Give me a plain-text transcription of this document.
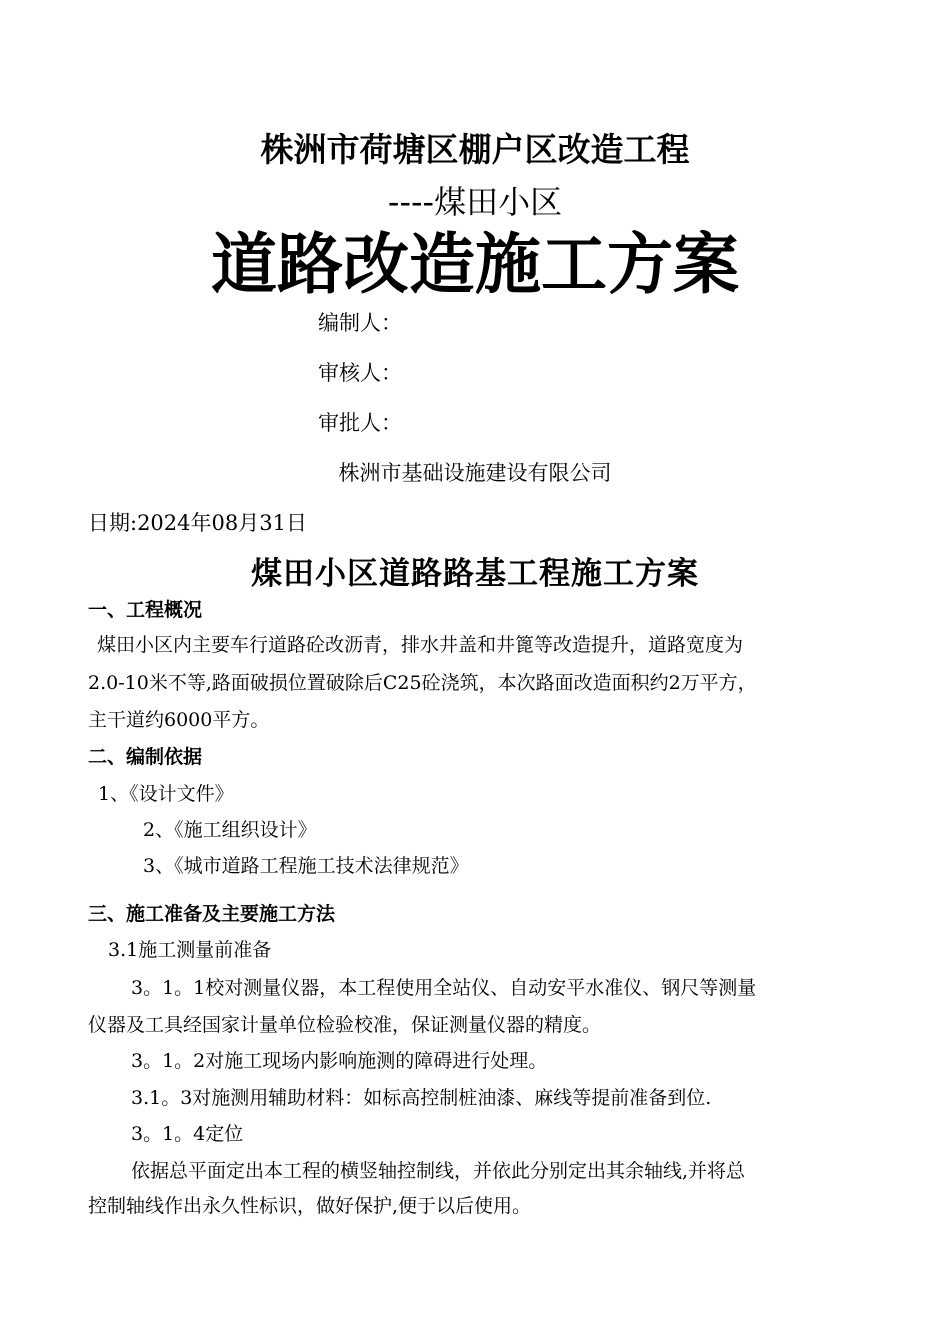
株洲市荷塘区棚户区改造工程
----煤田小区
道路改造施工方案
编制人：
审核人：
审批人：
株洲市基础设施建设有限公司
日期:2024年08月31日
煤田小区道路路基工程施工方案
一、工程概况
煤田小区内主要车行道路砼改沥青，排水井盖和井篦等改造提升，道路宽度为
2.0-10米不等,路面破损位置破除后C25砼浇筑，本次路面改造面积约2万平方，
主干道约6000平方。
二、编制依据
1、《设计文件》
2、《施工组织设计》
3、《城市道路工程施工技术法律规范》
三、施工准备及主要施工方法
3.1施工测量前准备
3。1。1校对测量仪器，本工程使用全站仪、自动安平水准仪、钢尺等测量
仪器及工具经国家计量单位检验校准，保证测量仪器的精度。
3。1。2对施工现场内影响施测的障碍进行处理。
3.1。3对施测用辅助材料：如标高控制桩油漆、麻线等提前准备到位.
3。1。4定位
依据总平面定出本工程的横竖轴控制线，并依此分别定出其余轴线,并将总
控制轴线作出永久性标识，做好保护,便于以后使用。
